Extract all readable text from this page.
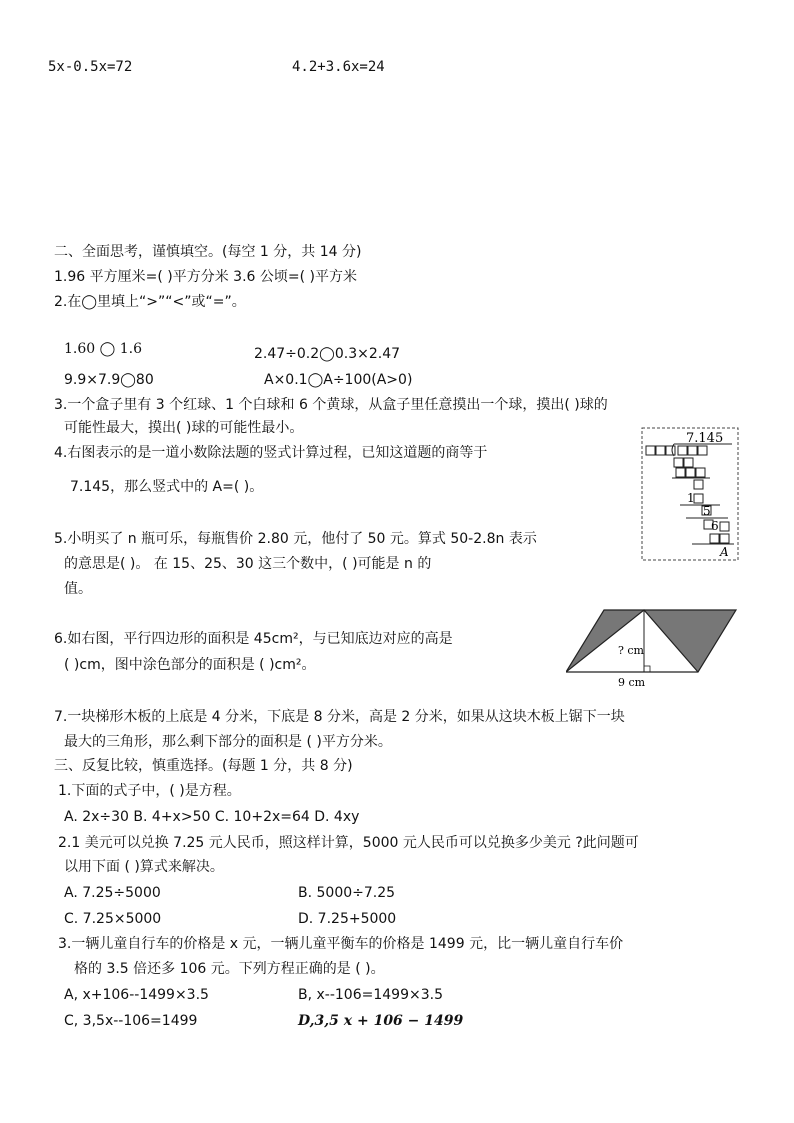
5x-0.5x=72	4.2+3.6x=24
二、全面思考，谨慎填空。(每空 1 分，共 14 分)
1.96 平方厘米=( )平方分米 3.6 公顷=( )平方米
2.在◯里填上“>”“<”或“=”。
1.60 ◯ 1.6	2.47÷0.2◯0.3×2.47
9.9×7.9◯80	A×0.1◯A÷100(A>0)
3.一个盒子里有 3 个红球、1 个白球和 6 个黄球，从盒子里任意摸出一个球，摸出( )球的
可能性最大，摸出( )球的可能性最小。
4.右图表示的是一道小数除法题的竖式计算过程，已知这道题的商等于
7.145，那么竖式中的 A=( )。
5.小明买了 n 瓶可乐，每瓶售价 2.80 元，他付了 50 元。算式 50-2.8n 表示
的意思是( )。 在 15、25、30 这三个数中，( )可能是 n 的
值。
6.如右图，平行四边形的面积是 45cm²，与已知底边对应的高是
( )cm，图中涂色部分的面积是 ( )cm²。
7.一块梯形木板的上底是 4 分米，下底是 8 分米，高是 2 分米，如果从这块木板上锯下一块
最大的三角形，那么剩下部分的面积是 ( )平方分米。
7.145
1
5
6
A
? cm
9 cm
三、反复比较，慎重选择。(每题 1 分，共 8 分)
1.下面的式子中，( )是方程。
A. 2x÷30 B. 4+x>50 C. 10+2x=64 D. 4xy
2.1 美元可以兑换 7.25 元人民币，照这样计算，5000 元人民币可以兑换多少美元 ?此问题可
以用下面 ( )算式来解决。
A. 7.25÷5000	B. 5000÷7.25
C. 7.25×5000	D. 7.25+5000
3.一辆儿童自行车的价格是 x 元，一辆儿童平衡车的价格是 1499 元，比一辆儿童自行车价
格的 3.5 倍还多 106 元。下列方程正确的是 ( )。
A, x+106--1499×3.5	B, x--106=1499×3.5
C, 3,5x--106=1499	D,3,5 x + 106 − 1499
